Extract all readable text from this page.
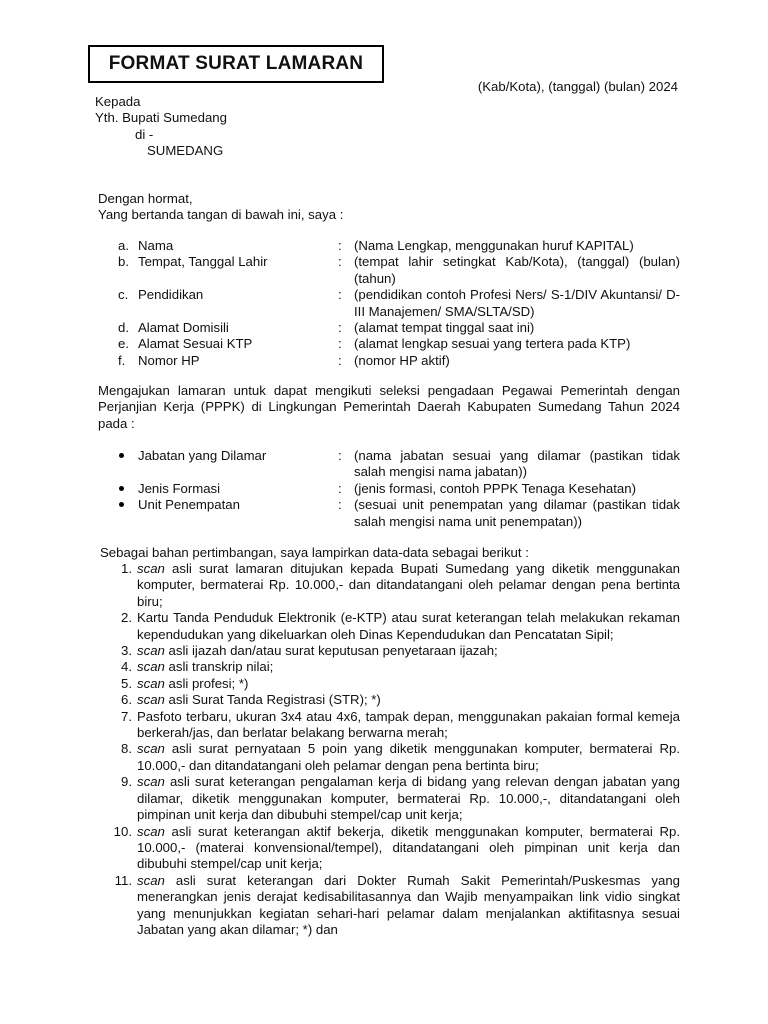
FORMAT SURAT LAMARAN
(Kab/Kota), (tanggal) (bulan) 2024
Kepada
Yth. Bupati Sumedang
di -
SUMEDANG
Dengan hormat,
Yang bertanda tangan di bawah ini, saya :
a. Nama	: (Nama Lengkap, menggunakan huruf KAPITAL)
b. Tempat, Tanggal Lahir	: (tempat lahir setingkat Kab/Kota), (tanggal) (bulan) (tahun)
c. Pendidikan	: (pendidikan contoh Profesi Ners/ S-1/DIV Akuntansi/ D-III Manajemen/ SMA/SLTA/SD)
d. Alamat Domisili	: (alamat tempat tinggal saat ini)
e. Alamat Sesuai KTP	: (alamat lengkap sesuai yang tertera pada KTP)
f. Nomor HP	: (nomor HP aktif)
Mengajukan lamaran untuk dapat mengikuti seleksi pengadaan Pegawai Pemerintah dengan Perjanjian Kerja (PPPK) di Lingkungan Pemerintah Daerah Kabupaten Sumedang Tahun 2024 pada :
Jabatan yang Dilamar	: (nama jabatan sesuai yang dilamar (pastikan tidak salah mengisi nama jabatan))
Jenis Formasi	: (jenis formasi, contoh PPPK Tenaga Kesehatan)
Unit Penempatan	: (sesuai unit penempatan yang dilamar (pastikan tidak salah mengisi nama unit penempatan))
Sebagai bahan pertimbangan, saya lampirkan data-data sebagai berikut :
1. scan asli surat lamaran ditujukan kepada Bupati Sumedang yang diketik menggunakan komputer, bermaterai Rp. 10.000,- dan ditandatangani oleh pelamar dengan pena bertinta biru;
2. Kartu Tanda Penduduk Elektronik (e-KTP) atau surat keterangan telah melakukan rekaman kependudukan yang dikeluarkan oleh Dinas Kependudukan dan Pencatatan Sipil;
3. scan asli ijazah dan/atau surat keputusan penyetaraan ijazah;
4. scan asli transkrip nilai;
5. scan asli profesi; *)
6. scan asli Surat Tanda Registrasi (STR); *)
7. Pasfoto terbaru, ukuran 3x4 atau 4x6, tampak depan, menggunakan pakaian formal kemeja berkerah/jas, dan berlatar belakang berwarna merah;
8. scan asli surat pernyataan 5 poin yang diketik menggunakan komputer, bermaterai Rp. 10.000,- dan ditandatangani oleh pelamar dengan pena bertinta biru;
9. scan asli surat keterangan pengalaman kerja di bidang yang relevan dengan jabatan yang dilamar, diketik menggunakan komputer, bermaterai Rp. 10.000,-, ditandatangani oleh pimpinan unit kerja dan dibubuhi stempel/cap unit kerja;
10. scan asli surat keterangan aktif bekerja, diketik menggunakan komputer, bermaterai Rp. 10.000,- (materai konvensional/tempel), ditandatangani oleh pimpinan unit kerja dan dibubuhi stempel/cap unit kerja;
11. scan asli surat keterangan dari Dokter Rumah Sakit Pemerintah/Puskesmas yang menerangkan jenis derajat kedisabilitasannya dan Wajib menyampaikan link vidio singkat yang menunjukkan kegiatan sehari-hari pelamar dalam menjalankan aktifitasnya sesuai Jabatan yang akan dilamar; *) dan
